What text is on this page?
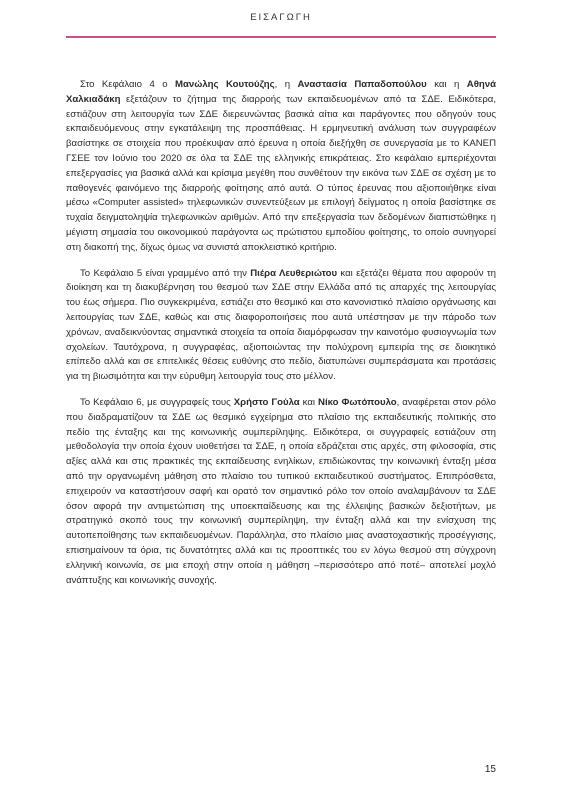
ΕΙΣΑΓΩΓΗ

Στο Κεφάλαιο 4 ο Μανώλης Κουτούζης, η Αναστασία Παπαδοπούλου και η Αθηνά Χαλκιαδάκη εξετάζουν το ζήτημα της διαρροής των εκπαιδευομένων από τα ΣΔΕ. Ειδικότερα, εστιάζουν στη λειτουργία των ΣΔΕ διερευνώντας βασικά αίτια και παράγοντες που οδηγούν τους εκπαιδευόμενους στην εγκατάλειψη της προσπάθειας. Η ερμηνευτική ανάλυση των συγγραφέων βασίστηκε σε στοιχεία που προέκυψαν από έρευνα η οποία διεξήχθη σε συνεργασία με το ΚΑΝΕΠ ΓΣΕΕ τον Ιούνιο του 2020 σε όλα τα ΣΔΕ της ελληνικής επικράτειας. Στο κεφάλαιο εμπεριέχονται επεξεργασίες για βασικά αλλά και κρίσιμα μεγέθη που συνθέτουν την εικόνα των ΣΔΕ σε σχέση με το παθογενές φαινόμενο της διαρροής φοίτησης από αυτά. Ο τύπος έρευνας που αξιοποιήθηκε είναι μέσω «Computer assisted» τηλεφωνικών συνεντεύξεων με επιλογή δείγματος η οποία βασίστηκε σε τυχαία δειγματοληψία τηλεφωνικών αριθμών. Από την επεξεργασία των δεδομένων διαπιστώθηκε η μέγιστη σημασία του οικονομικού παράγοντα ως πρώτιστου εμποδίου φοίτησης, το οποίο συνηγορεί στη διακοπή της, δίχως όμως να συνιστά αποκλειστικό κριτήριο.

Το Κεφάλαιο 5 είναι γραμμένο από την Πιέρα Λευθεριώτου και εξετάζει θέματα που αφορούν τη διοίκηση και τη διακυβέρνηση του θεσμού των ΣΔΕ στην Ελλάδα από τις απαρχές της λειτουργίας του έως σήμερα. Πιο συγκεκριμένα, εστιάζει στο θεσμικό και στο κανονιστικό πλαίσιο οργάνωσης και λειτουργίας των ΣΔΕ, καθώς και στις διαφοροποιήσεις που αυτά υπέστησαν με την πάροδο των χρόνων, αναδεικνύοντας σημαντικά στοιχεία τα οποία διαμόρφωσαν την καινοτόμο φυσιογνωμία των σχολείων. Ταυτόχρονα, η συγγραφέας, αξιοποιώντας την πολύχρονη εμπειρία της σε διοικητικό επίπεδο αλλά και σε επιτελικές θέσεις ευθύνης στο πεδίο, διατυπώνει συμπεράσματα και προτάσεις για τη βιωσιμότητα και την εύρυθμη λειτουργία τους στο μέλλον.

Το Κεφάλαιο 6, με συγγραφείς τους Χρήστο Γούλα και Νίκο Φωτόπουλο, αναφέρεται στον ρόλο που διαδραματίζουν τα ΣΔΕ ως θεσμικό εγχείρημα στο πλαίσιο της εκπαιδευτικής πολιτικής στο πεδίο της ένταξης και της κοινωνικής συμπερίληψης. Ειδικότερα, οι συγγραφείς εστιάζουν στη μεθοδολογία την οποία έχουν υιοθετήσει τα ΣΔΕ, η οποία εδράζεται στις αρχές, στη φιλοσοφία, στις αξίες αλλά και στις πρακτικές της εκπαίδευσης ενηλίκων, επιδιώκοντας την κοινωνική ένταξη μέσα από την οργανωμένη μάθηση στο πλαίσιο του τυπικού εκπαιδευτικού συστήματος. Επιπρόσθετα, επιχειρούν να καταστήσουν σαφή και ορατό τον σημαντικό ρόλο τον οποίο αναλαμβάνουν τα ΣΔΕ όσον αφορά την αντιμετώπιση της υποεκπαίδευσης και της έλλειψης βασικών δεξιοτήτων, με στρατηγικό σκοπό τους την κοινωνική συμπερίληψη, την ένταξη αλλά και την ενίσχυση της αυτοπεποίθησης των εκπαιδευομένων. Παράλληλα, στο πλαίσιο μιας αναστοχαστικής προσέγγισης, επισημαίνουν τα όρια, τις δυνατότητες αλλά και τις προοπτικές του εν λόγω θεσμού στη σύγχρονη ελληνική κοινωνία, σε μια εποχή στην οποία η μάθηση –περισσότερο από ποτέ– αποτελεί μοχλό ανάπτυξης και κοινωνικής συνοχής.

15
